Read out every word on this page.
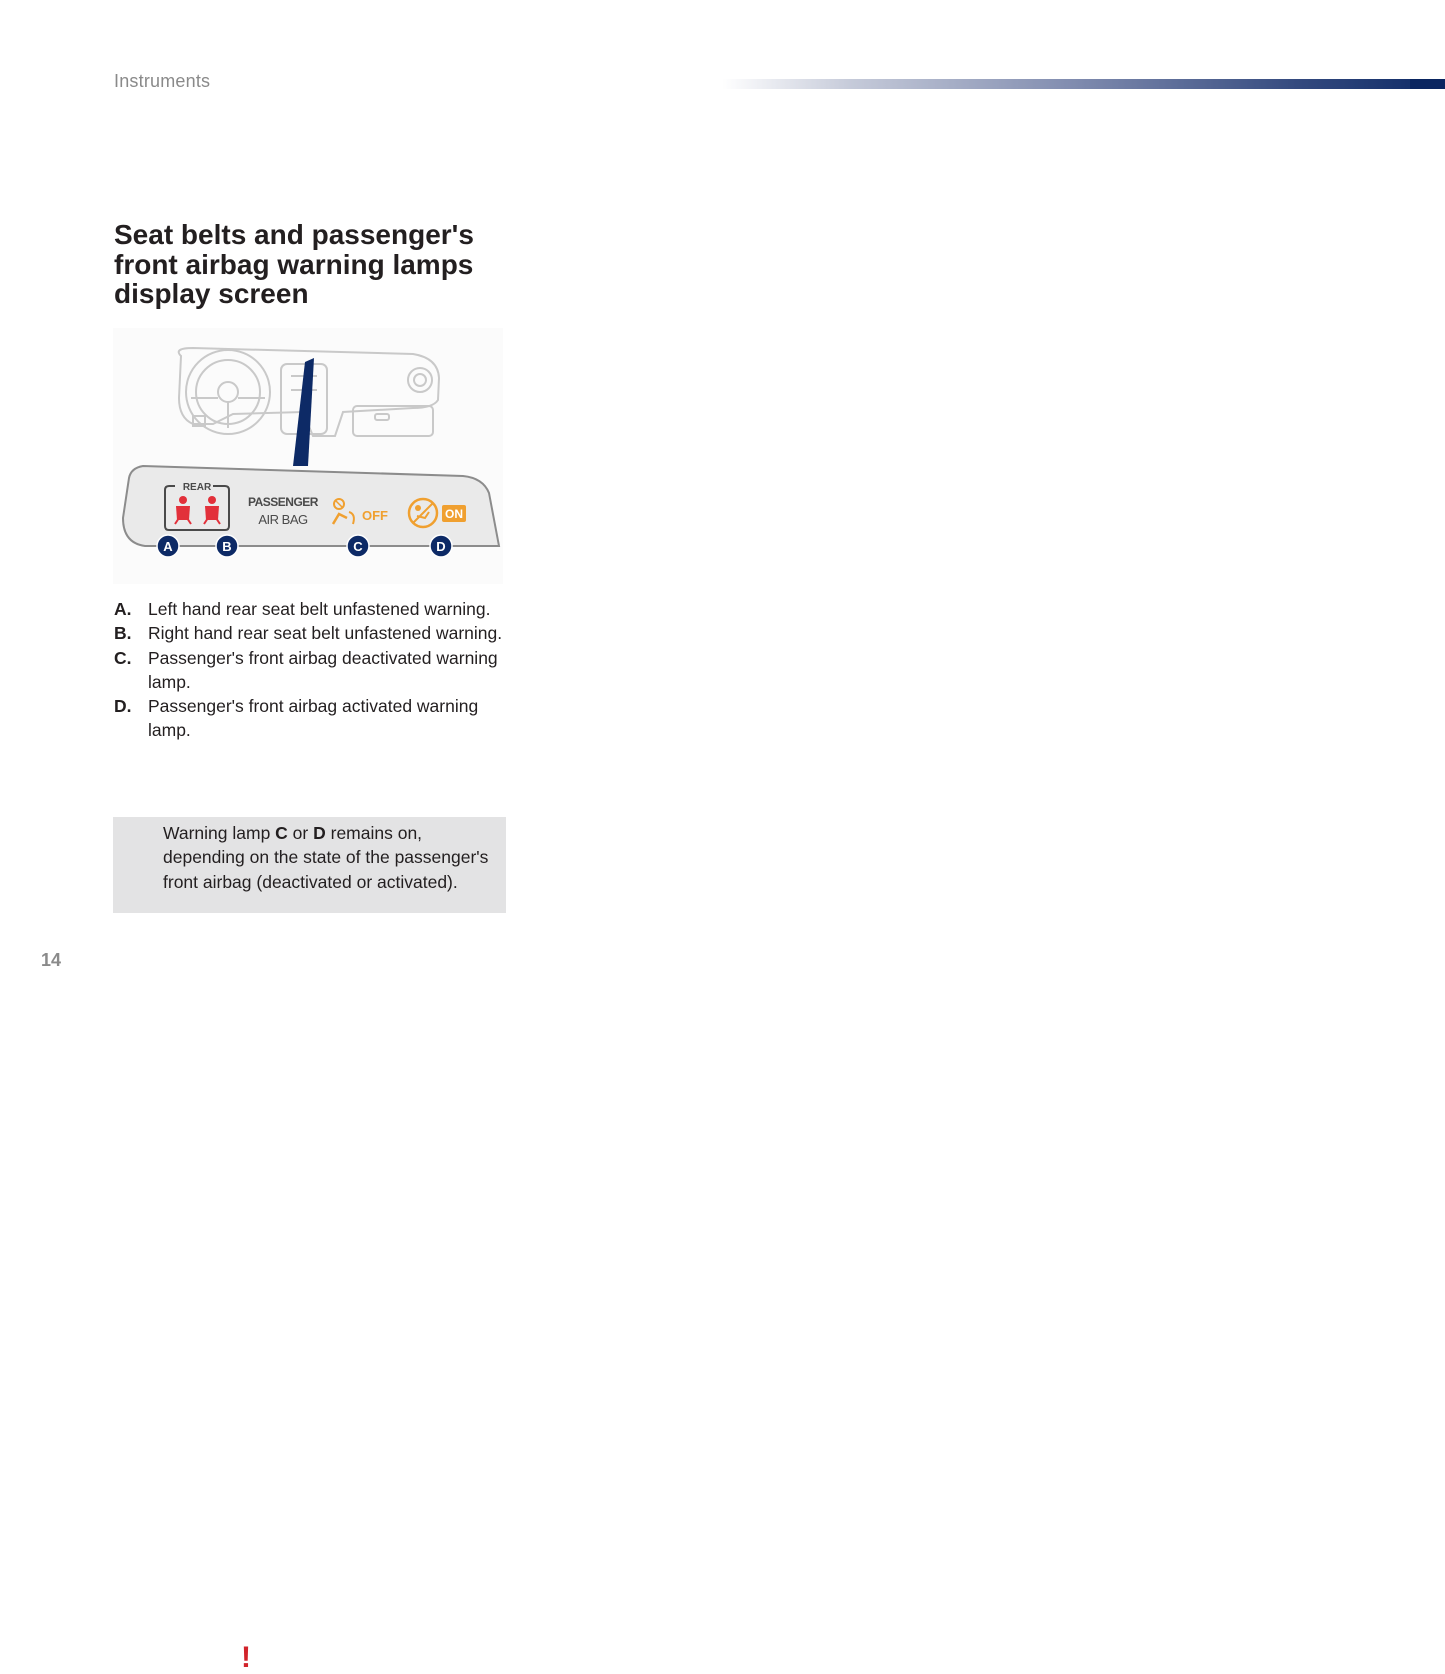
Instruments
Seat belts and passenger's front airbag warning lamps display screen
REAR
PASSENGER
AIR BAG	OFF	ON
A	B	C	D
A. Left hand rear seat belt unfastened warning.
B. Right hand rear seat belt unfastened warning.
C. Passenger's front airbag deactivated warning lamp.
D. Passenger's front airbag activated warning lamp.
!
Warning lamp C or D remains on, depending on the state of the passenger's front airbag (deactivated or activated).
14
